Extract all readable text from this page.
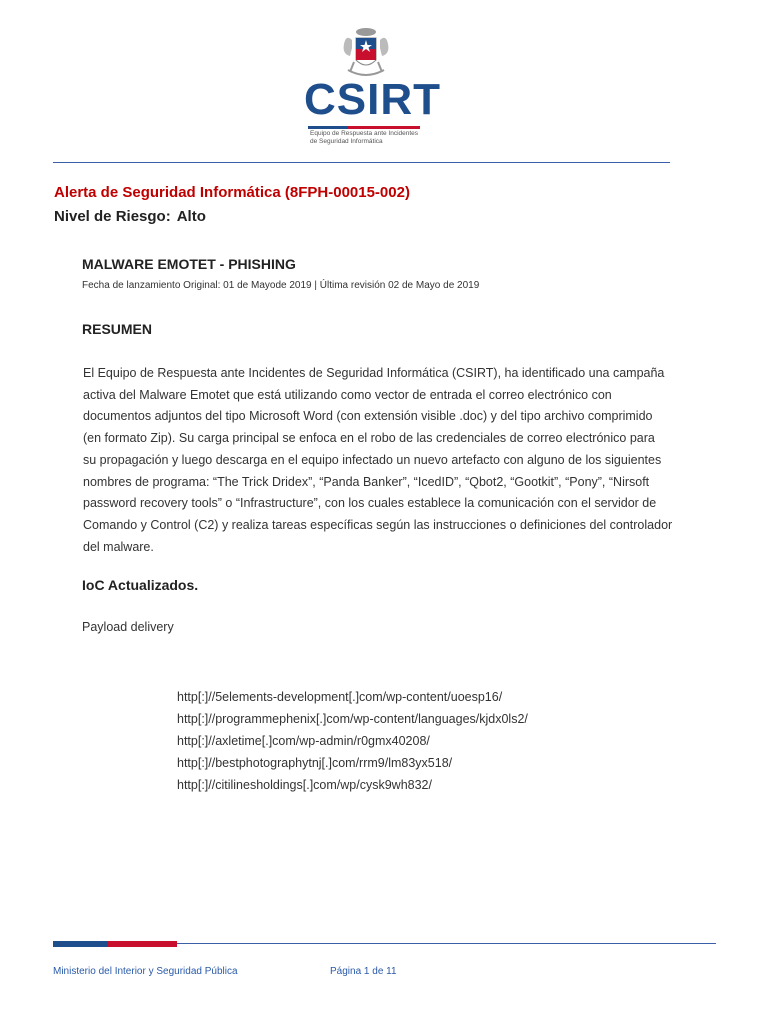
CSIRT
Equipo de Respuesta ante Incidentes
de Seguridad Informática
Alerta de Seguridad Informática (8FPH-00015-002)
Nivel de Riesgo: Alto
MALWARE EMOTET - PHISHING
Fecha de lanzamiento Original: 01 de Mayode 2019 | Última revisión 02 de Mayo de 2019
RESUMEN
El Equipo de Respuesta ante Incidentes de Seguridad Informática (CSIRT), ha identificado una campaña
activa del Malware Emotet que está utilizando como vector de entrada el correo electrónico con
documentos adjuntos del tipo Microsoft Word (con extensión visible .doc) y del tipo archivo comprimido
(en formato Zip). Su carga principal se enfoca en el robo de las credenciales de correo electrónico para
su propagación y luego descarga en el equipo infectado un nuevo artefacto con alguno de los siguientes
nombres de programa: “The Trick Dridex”, “Panda Banker”, “IcedID”, “Qbot2, “Gootkit”, “Pony”, “Nirsoft
password recovery tools” o “Infrastructure”, con los cuales establece la comunicación con el servidor de
Comando y Control (C2) y realiza tareas específicas según las instrucciones o definiciones del controlador
del malware.
IoC Actualizados.
Payload delivery
http[:]//5elements-development[.]com/wp-content/uoesp16/
http[:]//programmephenix[.]com/wp-content/languages/kjdx0ls2/
http[:]//axletime[.]com/wp-admin/r0gmx40208/
http[:]//bestphotographytnj[.]com/rrm9/lm83yx518/
http[:]//citilinesholdings[.]com/wp/cysk9wh832/
Ministerio del Interior y Seguridad Pública	Página 1 de 11
